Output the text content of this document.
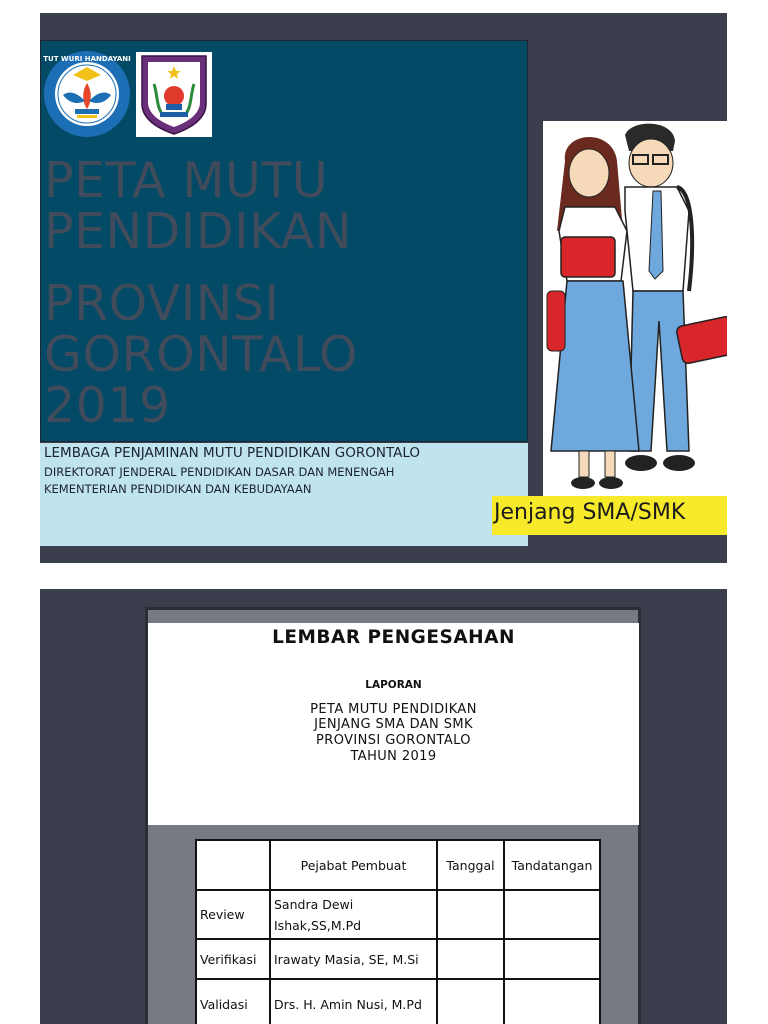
TUT WURI HANDAYANI
PETA MUTU
PENDIDIKAN
PROVINSI
GORONTALO
2019
LEMBAGA PENJAMINAN MUTU PENDIDIKAN GORONTALO
DIREKTORAT JENDERAL PENDIDIKAN DASAR DAN MENENGAH
KEMENTERIAN PENDIDIKAN DAN KEBUDAYAAN
Jenjang SMA/SMK
LEMBAR PENGESAHAN
LAPORAN
PETA MUTU PENDIDIKAN
JENJANG SMA DAN SMK
PROVINSI GORONTALO
TAHUN 2019
	Pejabat Pembuat	Tanggal	Tandatangan
Review	Sandra Dewi Ishak,SS,M.Pd		
Verifikasi	Irawaty Masia, SE, M.Si		
Validasi	Drs. H. Amin Nusi, M.Pd		
